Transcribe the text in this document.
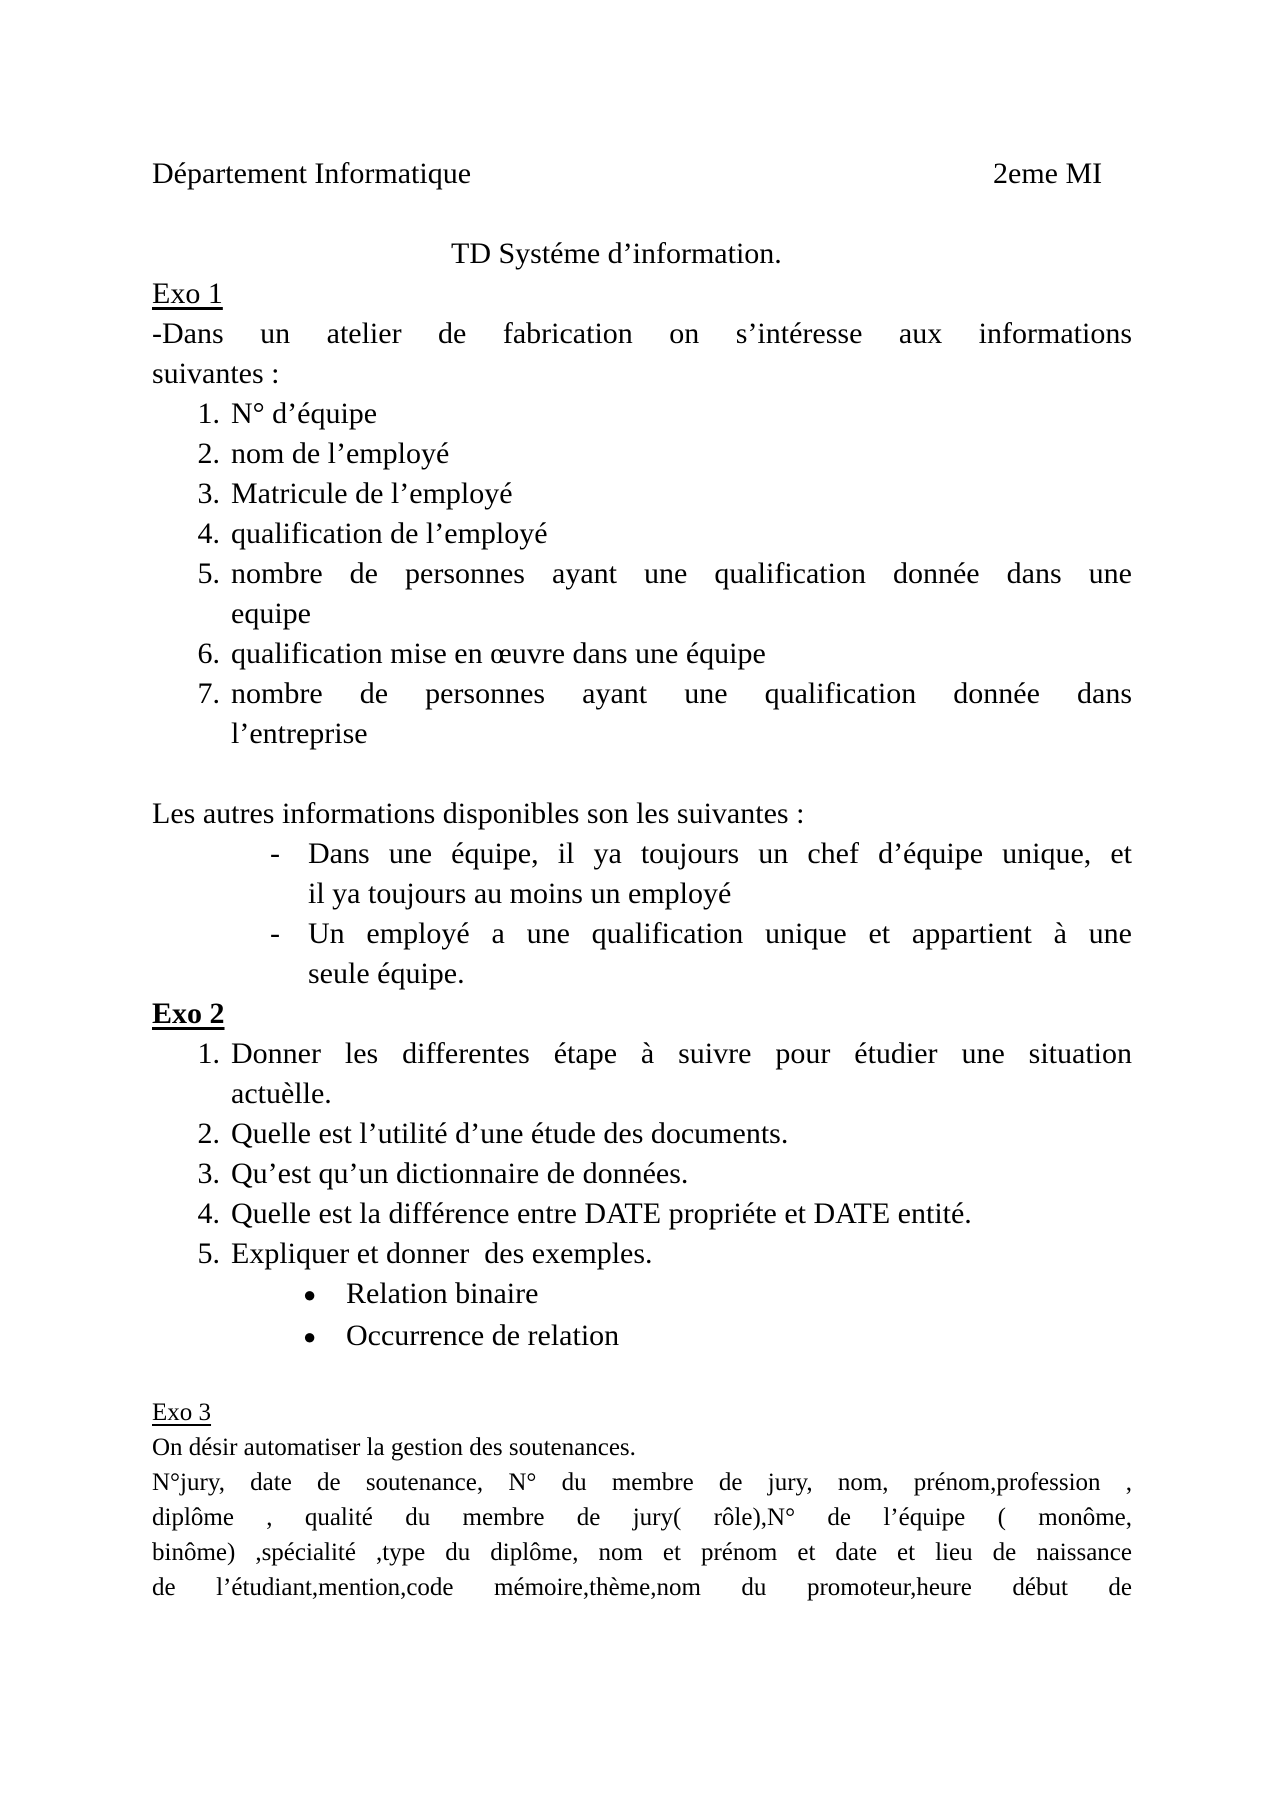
Département Informatique	2eme MI
TD Systéme d’information.
Exo 1
-Dans un atelier de fabrication on s’intéresse aux informations
suivantes :
1. N° d’équipe
2. nom de l’employé
3. Matricule de l’employé
4. qualification de l’employé
5. nombre de personnes ayant une qualification donnée dans une
equipe
6. qualification mise en œuvre dans une équipe
7. nombre de personnes ayant une qualification donnée dans
l’entreprise
Les autres informations disponibles son les suivantes :
- Dans une équipe, il ya toujours un chef d’équipe unique, et
il ya toujours au moins un employé
- Un employé a une qualification unique et appartient à une
seule équipe.
Exo 2
1. Donner les differentes étape à suivre pour étudier une situation
actuèlle.
2. Quelle est l’utilité d’une étude des documents.
3. Qu’est qu’un dictionnaire de données.
4. Quelle est la différence entre DATE propriéte et DATE entité.
5. Expliquer et donner  des exemples.
● Relation binaire
● Occurrence de relation
Exo 3
On désir automatiser la gestion des soutenances.
N°jury, date de soutenance, N° du membre de jury, nom, prénom,profession ,
diplôme , qualité du membre de jury( rôle),N° de l’équipe ( monôme,
binôme) ,spécialité ,type du diplôme, nom et prénom et date et lieu de naissance
de l’étudiant,mention,code mémoire,thème,nom du promoteur,heure début de
